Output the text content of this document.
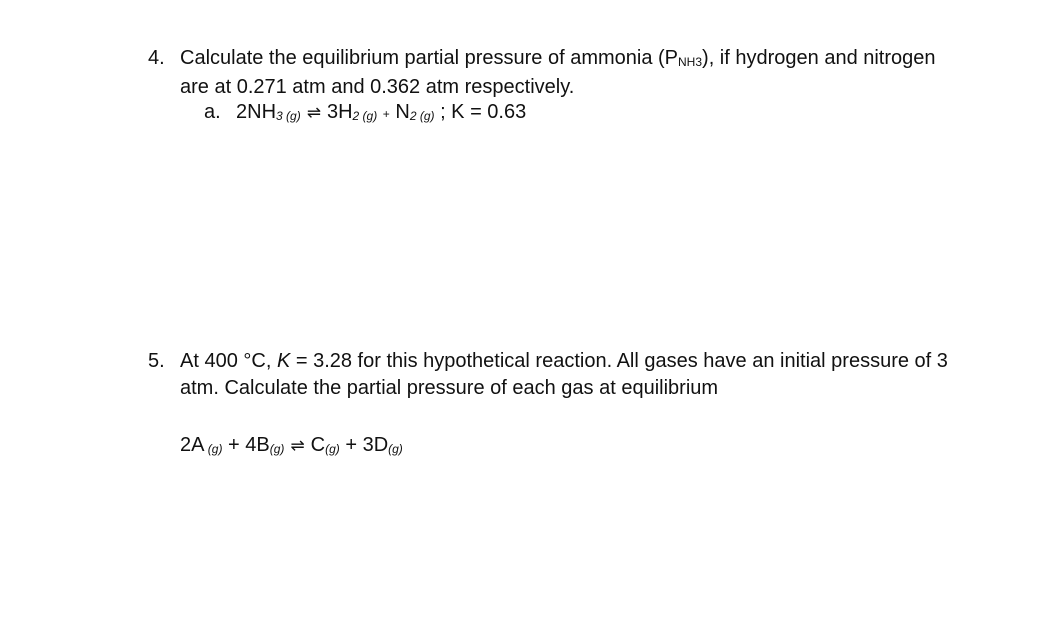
4. Calculate the equilibrium partial pressure of ammonia (PNH3), if hydrogen and nitrogen are at 0.271 atm and 0.362 atm respectively.
a. 2NH3 (g) ⇌ 3H2 (g) + N2 (g) ; K = 0.63
5. At 400 °C, K = 3.28 for this hypothetical reaction. All gases have an initial pressure of 3 atm. Calculate the partial pressure of each gas at equilibrium
2A (g) + 4B(g) ⇌ C(g) + 3D(g)
